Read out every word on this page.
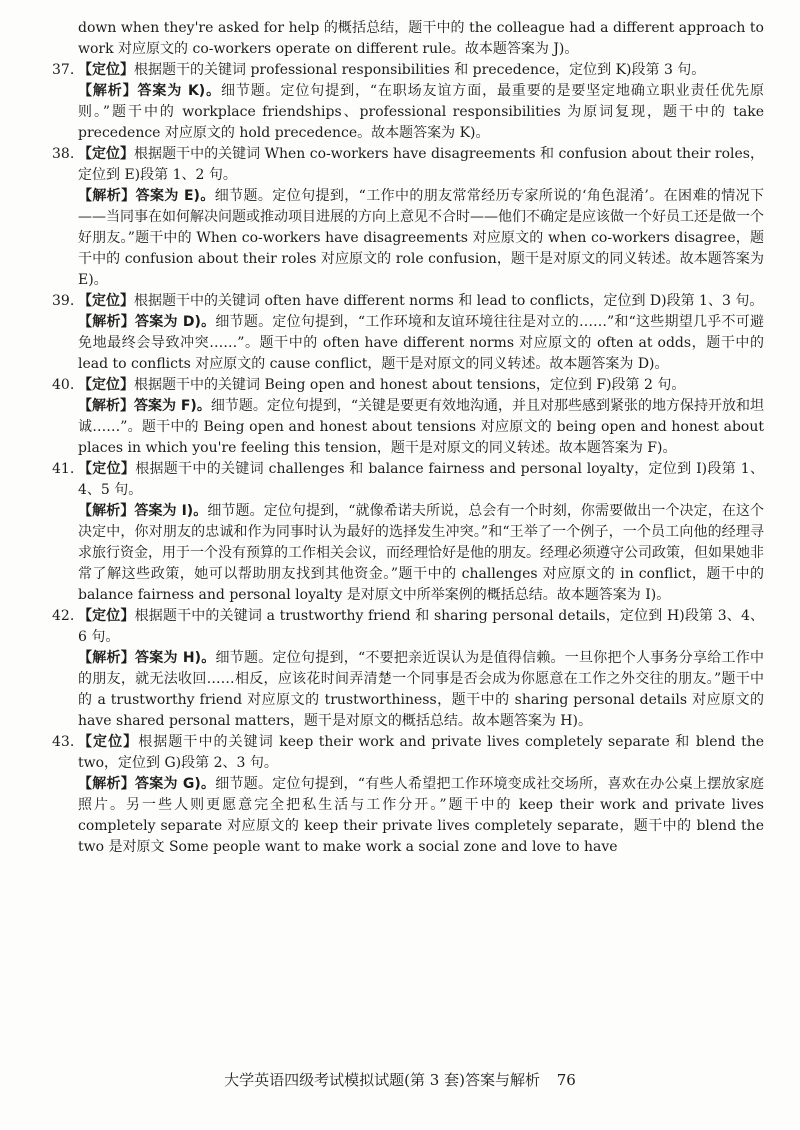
down when they're asked for help 的概括总结，题干中的 the colleague had a different approach to work 对应原文的 co-workers operate on different rule。故本题答案为 J)。

37. 【定位】根据题干的关键词 professional responsibilities 和 precedence，定位到 K)段第 3 句。

【解析】答案为 K)。细节题。定位句提到，“在职场友谊方面，最重要的是要坚定地确立职业责任优先原则。”题干中的 workplace friendships、professional responsibilities 为原词复现，题干中的 take precedence 对应原文的 hold precedence。故本题答案为 K)。

38. 【定位】根据题干中的关键词 When co-workers have disagreements 和 confusion about their roles，定位到 E)段第 1、2 句。

【解析】答案为 E)。细节题。定位句提到，“工作中的朋友常常经历专家所说的‘角色混淆’。在困难的情况下——当同事在如何解决问题或推动项目进展的方向上意见不合时——他们不确定是应该做一个好员工还是做一个好朋友。”题干中的 When co-workers have disagreements 对应原文的 when co-workers disagree，题干中的 confusion about their roles 对应原文的 role confusion，题干是对原文的同义转述。故本题答案为 E)。

39. 【定位】根据题干中的关键词 often have different norms 和 lead to conflicts，定位到 D)段第 1、3 句。

【解析】答案为 D)。细节题。定位句提到，“工作环境和友谊环境往往是对立的……”和“这些期望几乎不可避免地最终会导致冲突……”。题干中的 often have different norms 对应原文的 often at odds，题干中的 lead to conflicts 对应原文的 cause conflict，题干是对原文的同义转述。故本题答案为 D)。

40. 【定位】根据题干中的关键词 Being open and honest about tensions，定位到 F)段第 2 句。

【解析】答案为 F)。细节题。定位句提到，“关键是要更有效地沟通，并且对那些感到紧张的地方保持开放和坦诚……”。题干中的 Being open and honest about tensions 对应原文的 being open and honest about places in which you're feeling this tension，题干是对原文的同义转述。故本题答案为 F)。

41. 【定位】根据题干中的关键词 challenges 和 balance fairness and personal loyalty，定位到 I)段第 1、4、5 句。

【解析】答案为 I)。细节题。定位句提到，“就像希诺夫所说，总会有一个时刻，你需要做出一个决定，在这个决定中，你对朋友的忠诚和作为同事时认为最好的选择发生冲突。”和“王举了一个例子，一个员工向他的经理寻求旅行资金，用于一个没有预算的工作相关会议，而经理恰好是他的朋友。经理必须遵守公司政策，但如果她非常了解这些政策，她可以帮助朋友找到其他资金。”题干中的 challenges 对应原文的 in conflict，题干中的 balance fairness and personal loyalty 是对原文中所举案例的概括总结。故本题答案为 I)。

42. 【定位】根据题干中的关键词 a trustworthy friend 和 sharing personal details，定位到 H)段第 3、4、6 句。

【解析】答案为 H)。细节题。定位句提到，“不要把亲近误认为是值得信赖。一旦你把个人事务分享给工作中的朋友，就无法收回……相反，应该花时间弄清楚一个同事是否会成为你愿意在工作之外交往的朋友。”题干中的 a trustworthy friend 对应原文的 trustworthiness，题干中的 sharing personal details 对应原文的 have shared personal matters，题干是对原文的概括总结。故本题答案为 H)。

43. 【定位】根据题干中的关键词 keep their work and private lives completely separate 和 blend the two，定位到 G)段第 2、3 句。

【解析】答案为 G)。细节题。定位句提到，“有些人希望把工作环境变成社交场所，喜欢在办公桌上摆放家庭照片。另一些人则更愿意完全把私生活与工作分开。”题干中的 keep their work and private lives completely separate 对应原文的 keep their private lives completely separate，题干中的 blend the two 是对原文 Some people want to make work a social zone and love to have

大学英语四级考试模拟试题(第 3 套)答案与解析 76
